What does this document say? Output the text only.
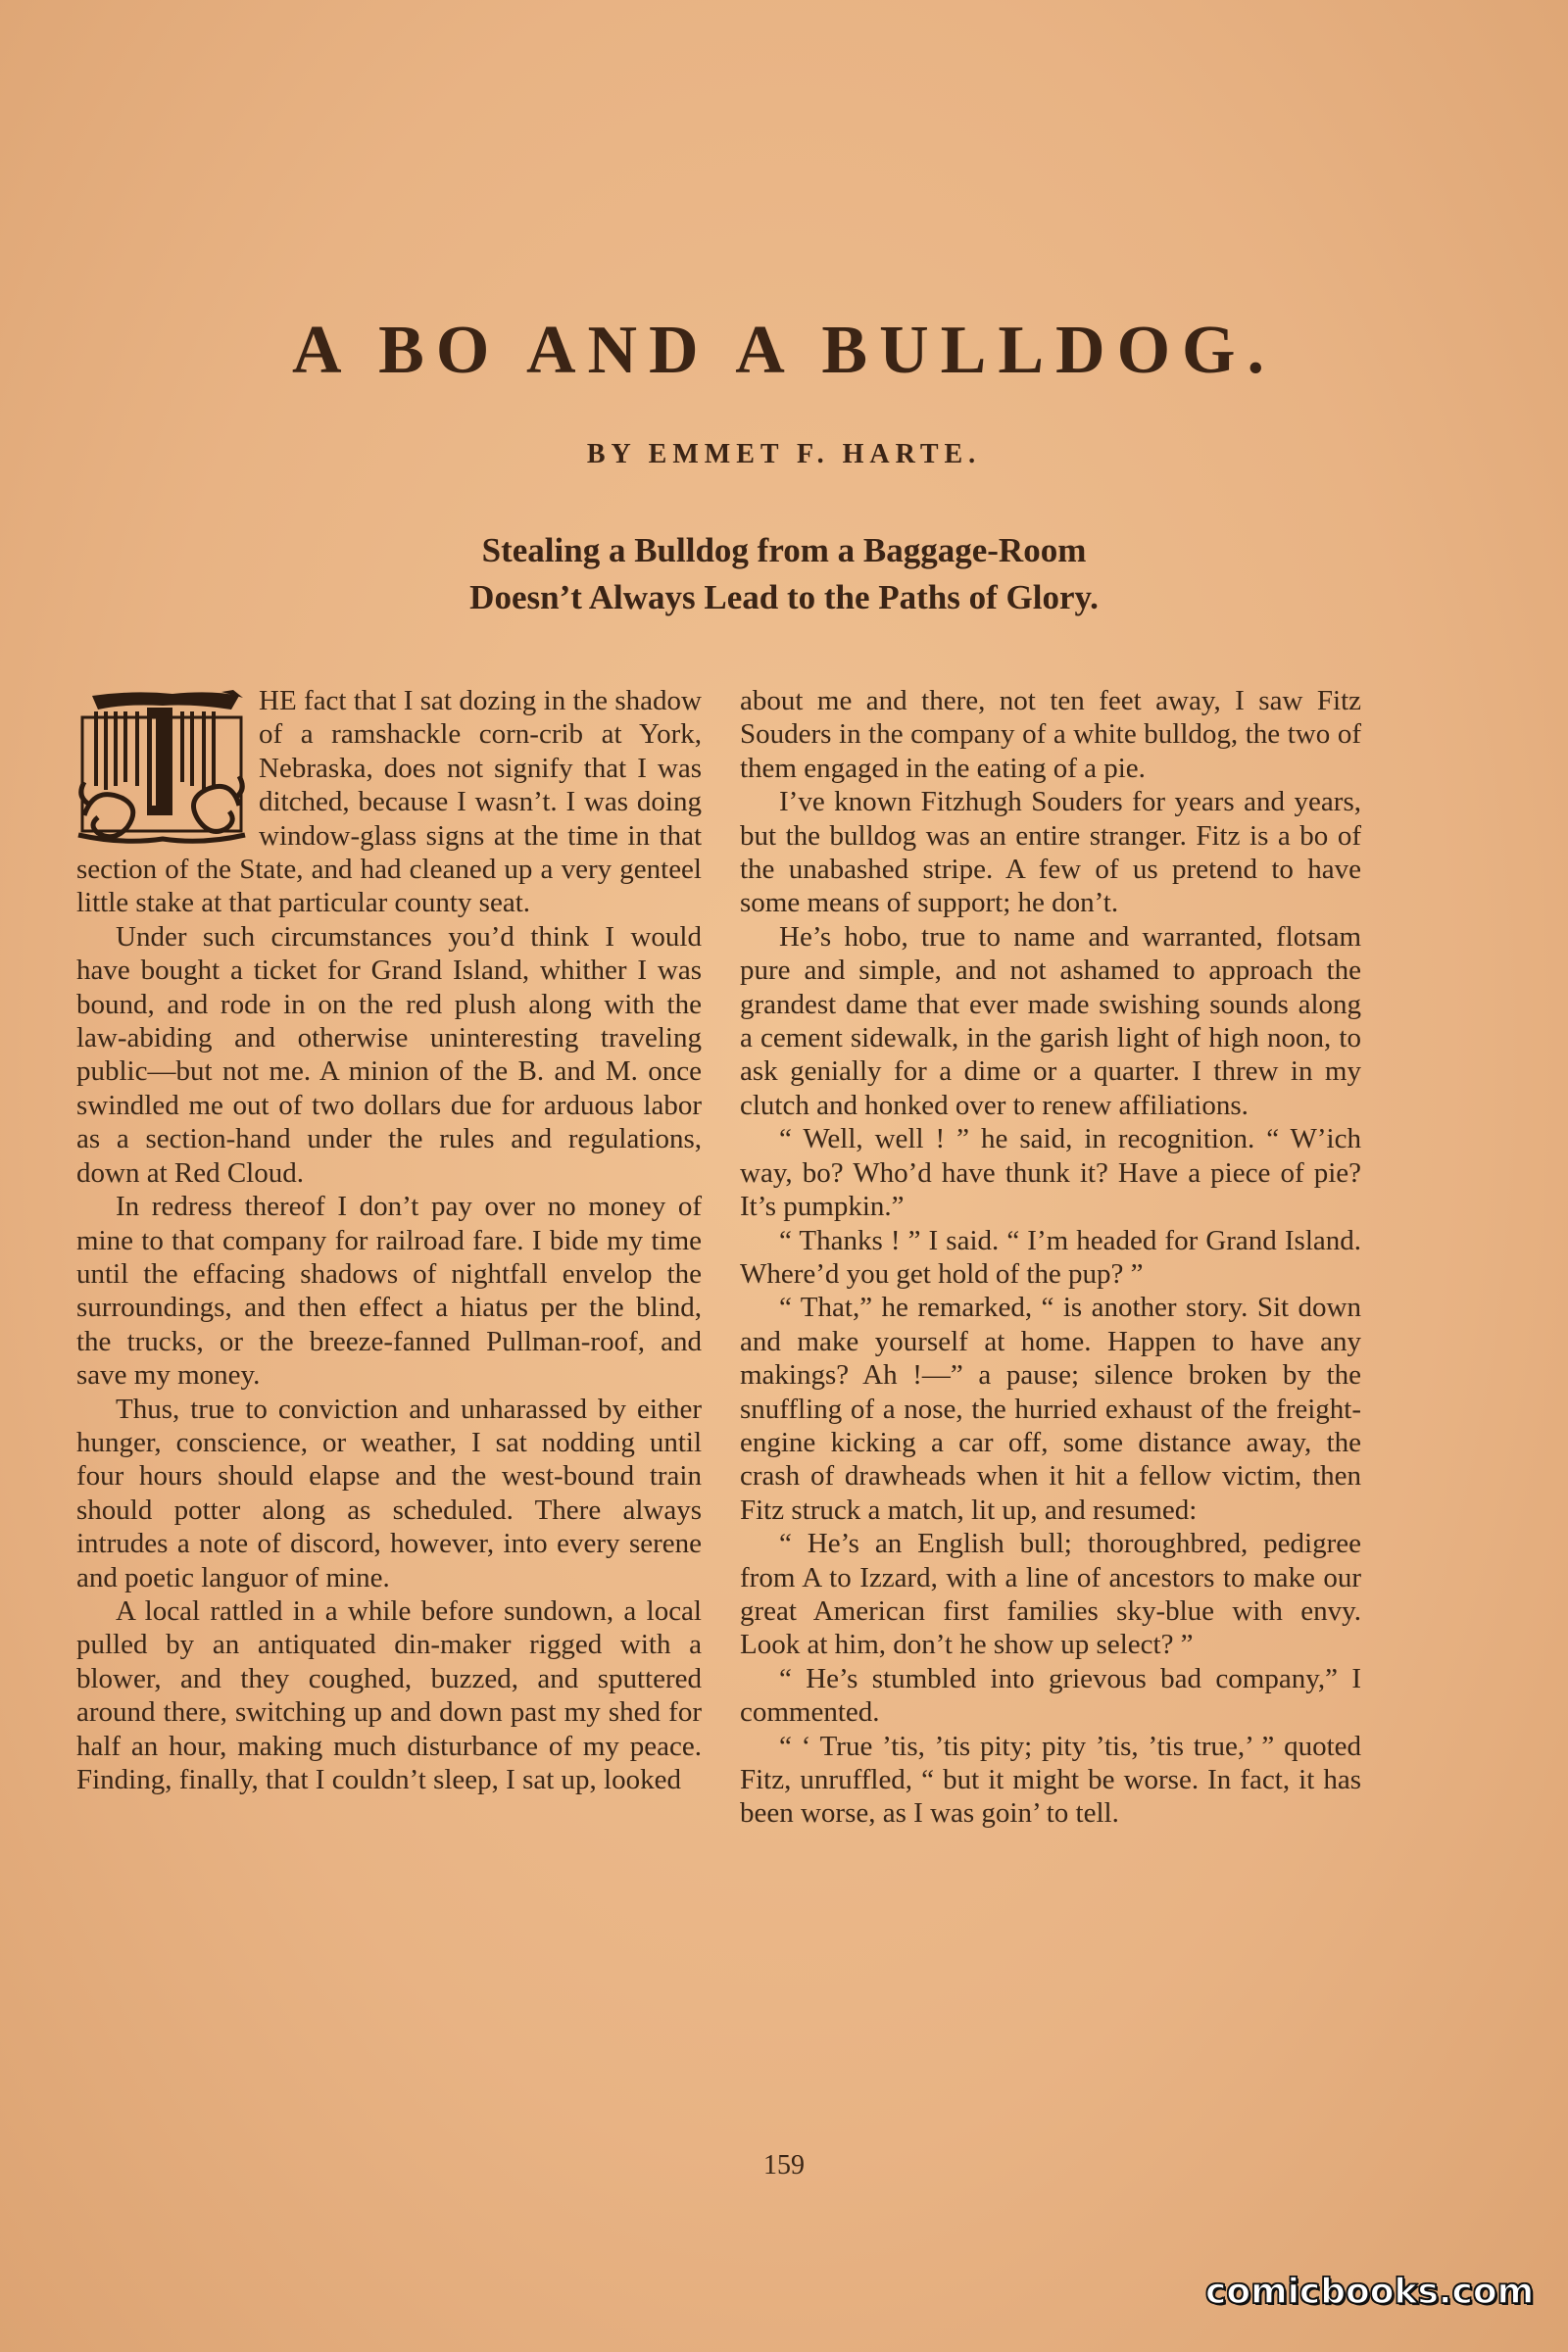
A BO AND A BULLDOG.
BY EMMET F. HARTE.
Stealing a Bulldog from a Baggage-Room
Doesn’t Always Lead to the Paths of Glory.

HE fact that I sat dozing in the shadow of a ramshackle corn-crib at York, Nebraska, does not signify that I was ditched, because I wasn’t. I was doing window-glass signs at the time in that section of the State, and had cleaned up a very genteel little stake at that particular county seat.

Under such circumstances you’d think I would have bought a ticket for Grand Island, whither I was bound, and rode in on the red plush along with the law-abiding and otherwise uninteresting traveling public—but not me. A minion of the B. and M. once swindled me out of two dollars due for arduous labor as a section-hand under the rules and regulations, down at Red Cloud.

In redress thereof I don’t pay over no money of mine to that company for railroad fare. I bide my time until the effacing shadows of nightfall envelop the surroundings, and then effect a hiatus per the blind, the trucks, or the breeze-fanned Pullman-roof, and save my money.

Thus, true to conviction and unharassed by either hunger, conscience, or weather, I sat nodding until four hours should elapse and the west-bound train should potter along as scheduled. There always intrudes a note of discord, however, into every serene and poetic languor of mine.

A local rattled in a while before sundown, a local pulled by an antiquated din-maker rigged with a blower, and they coughed, buzzed, and sputtered around there, switching up and down past my shed for half an hour, making much disturbance of my peace. Finding, finally, that I couldn’t sleep, I sat up, looked

about me and there, not ten feet away, I saw Fitz Souders in the company of a white bulldog, the two of them engaged in the eating of a pie.

I’ve known Fitzhugh Souders for years and years, but the bulldog was an entire stranger. Fitz is a bo of the unabashed stripe. A few of us pretend to have some means of support; he don’t.

He’s hobo, true to name and warranted, flotsam pure and simple, and not ashamed to approach the grandest dame that ever made swishing sounds along a cement sidewalk, in the garish light of high noon, to ask genially for a dime or a quarter. I threw in my clutch and honked over to renew affiliations.

“ Well, well ! ” he said, in recognition. “ W’ich way, bo? Who’d have thunk it? Have a piece of pie? It’s pumpkin.”

“ Thanks ! ” I said. “ I’m headed for Grand Island. Where’d you get hold of the pup? ”

“ That,” he remarked, “ is another story. Sit down and make yourself at home. Happen to have any makings? Ah !—” a pause; silence broken by the snuffling of a nose, the hurried exhaust of the freight-engine kicking a car off, some distance away, the crash of drawheads when it hit a fellow victim, then Fitz struck a match, lit up, and resumed:

“ He’s an English bull; thoroughbred, pedigree from A to Izzard, with a line of ancestors to make our great American first families sky-blue with envy. Look at him, don’t he show up select? ”

“ He’s stumbled into grievous bad company,” I commented.

“ ‘ True ’tis, ’tis pity; pity ’tis, ’tis true,’ ” quoted Fitz, unruffled, “ but it might be worse. In fact, it has been worse, as I was goin’ to tell.

159
comicbooks.com
